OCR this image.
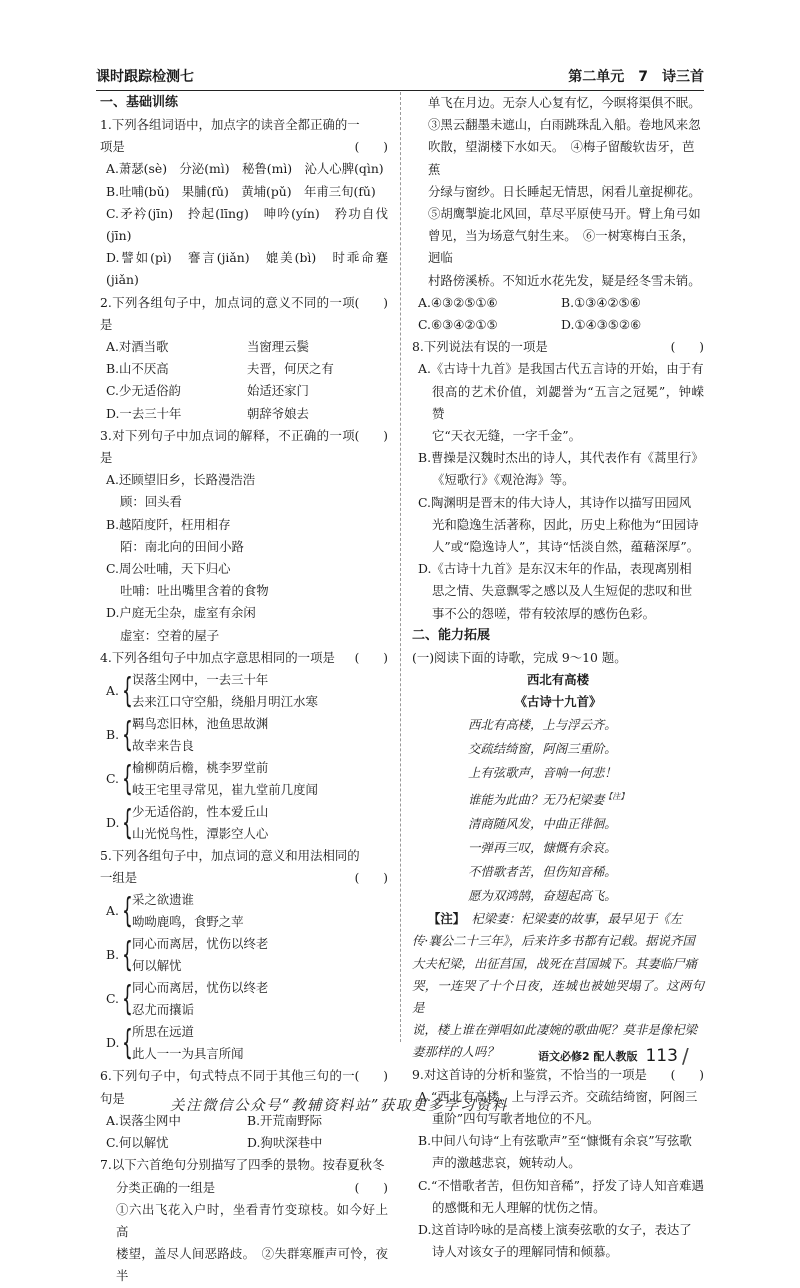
课时跟踪检测七	第二单元　7　诗三首
一、基础训练
1.下列各组词语中，加点字的读音全都正确的一
项是	(　　)
A.萧瑟(sè)　分泌(mì)　秘鲁(mì)　沁人心脾(qìn)
B.吐哺(bǔ)　果脯(fǔ)　黄埔(pǔ)　年甫三旬(fǔ)
C.矛衿(jīn)　拎起(līng)　呻吟(yín)　矜功自伐(jīn)
D.譬如(pì)　謇言(jiǎn)　媲美(bì)　时乖命蹇(jiǎn)
2.下列各组句子中，加点词的意义不同的一项是
(　　)
A.对酒当歌	当窗理云鬓
B.山不厌高	夫晋，何厌之有
C.少无适俗韵	始适还家门
D.一去三十年	朝辞爷娘去
3.对下列句子中加点词的解释，不正确的一项是
(　　)
A.还顾望旧乡，长路漫浩浩
顾：回头看
B.越陌度阡，枉用相存
陌：南北向的田间小路
C.周公吐哺，天下归心
吐哺：吐出嘴里含着的食物
D.户庭无尘杂，虚室有余闲
虚室：空着的屋子
4.下列各组句子中加点字意思相同的一项是 (　　)
A. { 误落尘网中，一去三十年
去来江口守空船，绕船月明江水寒
B. { 羁鸟恋旧林，池鱼思故渊
故幸来告良
C. { 榆柳荫后檐，桃李罗堂前
岐王宅里寻常见，崔九堂前几度闻
D. { 少无适俗韵，性本爱丘山
山光悦鸟性，潭影空人心
5.下列各组句子中，加点词的意义和用法相同的
一组是	(　　)
A. { 采之欲遗谁
呦呦鹿鸣，食野之苹
B. { 同心而离居，忧伤以终老
何以解忧
C. { 同心而离居，忧伤以终老
忍尤而攘诟
D. { 所思在远道
此人一一为具言所闻
6.下列句子中，句式特点不同于其他三句的一句是
(　　)
A.误落尘网中	B.开荒南野际
C.何以解忧	D.狗吠深巷中
7.以下六首绝句分别描写了四季的景物。按春夏秋冬
分类正确的一组是	(　　)
①六出飞花入户时，坐看青竹变琼枝。如今好上高
楼望，盖尽人间恶路歧。　②失群寒雁声可怜，夜半
单飞在月边。无奈人心复有忆，今暝将渠俱不眠。
③黑云翻墨未遮山，白雨跳珠乱入船。卷地风来忽
吹散，望湖楼下水如天。　④梅子留酸软齿牙，芭蕉
分绿与窗纱。日长睡起无情思，闲看儿童捉柳花。
⑤胡鹰掣旋北风回，草尽平原使马开。臂上角弓如
曾见，当为场意气射生来。　⑥一树寒梅白玉条，迥临
村路傍溪桥。不知近水花先发，疑是经冬雪未销。
A.④③②⑤①⑥	B.①③④②⑤⑥
C.⑥③④②①⑤	D.①④③⑤②⑥
8.下列说法有误的一项是	(　　)
A.《古诗十九首》是我国古代五言诗的开始，由于有
很高的艺术价值，刘勰誉为“五言之冠冕”，钟嵘赞
它“天衣无缝，一字千金”。
B.曹操是汉魏时杰出的诗人，其代表作有《蒿里行》
《短歌行》《观沧海》等。
C.陶渊明是晋末的伟大诗人，其诗作以描写田园风
光和隐逸生活著称，因此，历史上称他为“田园诗
人”或“隐逸诗人”，其诗“恬淡自然，蕴藉深厚”。
D.《古诗十九首》是东汉末年的作品，表现离别相
思之情、失意飘零之感以及人生短促的悲叹和世
事不公的怨嗟，带有较浓厚的感伤色彩。
二、能力拓展
(一)阅读下面的诗歌，完成 9～10 题。
西北有高楼
《古诗十九首》
西北有高楼，上与浮云齐。
交疏结绮窗，阿阁三重阶。
上有弦歌声，音响一何悲！
谁能为此曲？无乃杞梁妻$^{【注】}$
清商随风发，中曲正徘徊。
一弹再三叹，慷慨有余哀。
不惜歌者苦，但伤知音稀。
愿为双鸿鹄，奋翅起高飞。
【注】　 杞梁妻：杞梁妻的故事，最早见于《左
传·襄公二十三年》，后来许多书都有记载。据说齐国
大夫杞梁，出征莒国，战死在莒国城下。其妻临尸痛
哭，一连哭了十个日夜，连城也被她哭塌了。这两句是
说，楼上谁在弹唱如此凄婉的歌曲呢？莫非是像杞梁
妻那样的人吗？
9.对这首诗的分析和鉴赏，不恰当的一项是 (　　)
A.“西北有高楼，上与浮云齐。交疏结绮窗，阿阁三
重阶”四句写歌者地位的不凡。
B.中间八句诗“上有弦歌声”至“慷慨有余哀”写弦歌
声的激越悲哀，婉转动人。
C.“不惜歌者苦，但伤知音稀”，抒发了诗人知音难遇
的感慨和无人理解的忧伤之情。
D.这首诗吟咏的是高楼上演奏弦歌的女子，表达了
诗人对该女子的理解同情和倾慕。
语文必修2 配人教版 113 /
关注微信公众号“教辅资料站”获取更多学习资料
